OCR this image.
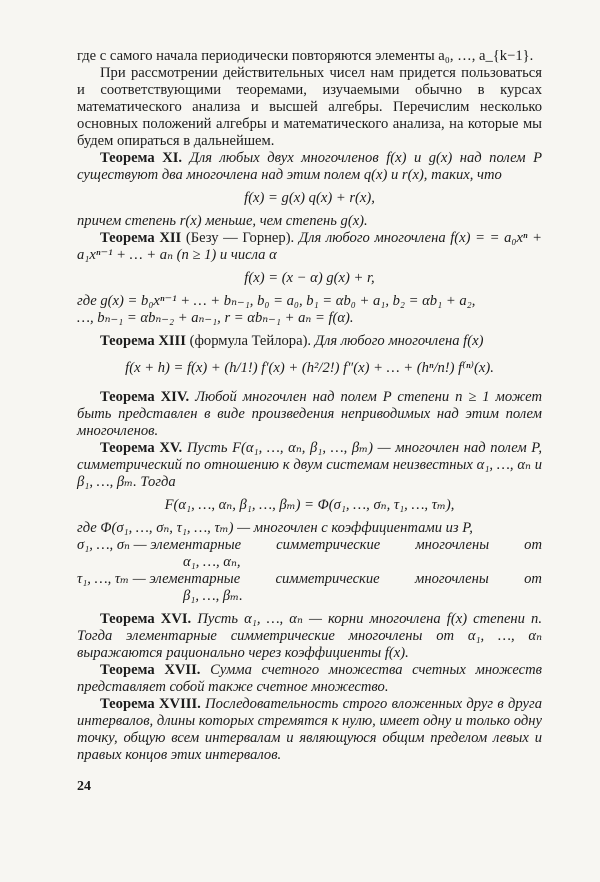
где с самого начала периодически повторяются элементы a₀, …, a_{k−1}.

При рассмотрении действительных чисел нам придется пользоваться и соответствующими теоремами, изучаемыми обычно в курсах математического анализа и высшей алгебры. Перечислим несколько основных положений алгебры и математического анализа, на которые мы будем опираться в дальнейшем.

Теорема XI. Для любых двух многочленов f(x) и g(x) над полем P существуют два многочлена над этим полем q(x) и r(x), таких, что

f(x) = g(x) q(x) + r(x),

причем степень r(x) меньше, чем степень g(x).

Теорема XII (Безу — Горнер). Для любого многочлена f(x) = = a₀xⁿ + a₁xⁿ⁻¹ + … + aₙ (n ≥ 1) и числа α

f(x) = (x − α) g(x) + r,

где g(x) = b₀xⁿ⁻¹ + … + bₙ₋₁, b₀ = a₀, b₁ = αb₀ + a₁, b₂ = αb₁ + a₂,

…, bₙ₋₁ = αbₙ₋₂ + aₙ₋₁, r = αbₙ₋₁ + aₙ = f(α).

Теорема XIII (формула Тейлора). Для любого многочлена f(x)

f(x + h) = f(x) + (h/1!) f′(x) + (h²/2!) f″(x) + … + (hⁿ/n!) f⁽ⁿ⁾(x).

Теорема XIV. Любой многочлен над полем P степени n ≥ 1 может быть представлен в виде произведения неприводимых над этим полем многочленов.

Теорема XV. Пусть F(α₁, …, αₙ, β₁, …, βₘ) — многочлен над полем P, симметрический по отношению к двум системам неизвестных α₁, …, αₙ и β₁, …, βₘ. Тогда

F(α₁, …, αₙ, β₁, …, βₘ) = Φ(σ₁, …, σₙ, τ₁, …, τₘ),

где Φ(σ₁, …, σₙ, τ₁, …, τₘ) — многочлен с коэффициентами из P,

σ₁, …, σₙ — элементарные симметрические многочлены от
α₁, …, αₙ,
τ₁, …, τₘ — элементарные симметрические многочлены от
β₁, …, βₘ.

Теорема XVI. Пусть α₁, …, αₙ — корни многочлена f(x) степени n. Тогда элементарные симметрические многочлены от α₁, …, αₙ выражаются рационально через коэффициенты f(x).

Теорема XVII. Сумма счетного множества счетных множеств представляет собой также счетное множество.

Теорема XVIII. Последовательность строго вложенных друг в друга интервалов, длины которых стремятся к нулю, имеет одну и только одну точку, общую всем интервалам и являющуюся общим пределом левых и правых концов этих интервалов.

24
